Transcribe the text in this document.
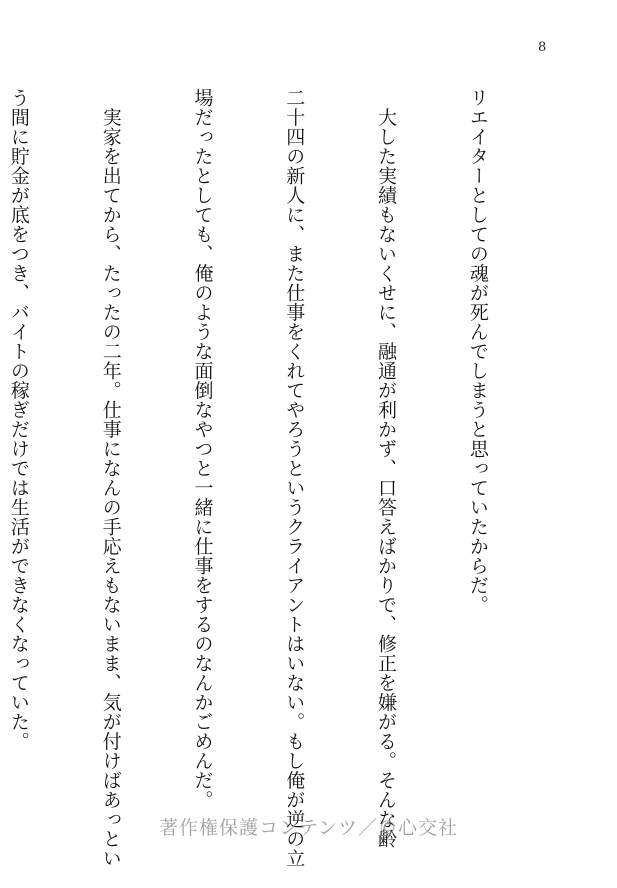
8

リエイターとしての魂が死んでしまうと思っていたからだ。

　大した実績もないくせに、融通が利かず、口答えばかりで、修正を嫌がる。そんな齢

二十四の新人に、また仕事をくれてやろうというクライアントはいない。もし俺が逆の立

場だったとしても、俺のような面倒なやつと一緒に仕事をするのなんかごめんだ。

　実家を出てから、たったの二年。仕事になんの手応えもないまま、気が付けばあっとい

う間に貯金が底をつき、バイトの稼ぎだけでは生活ができなくなっていた。

著作権保護コンテンツ／©心交社
